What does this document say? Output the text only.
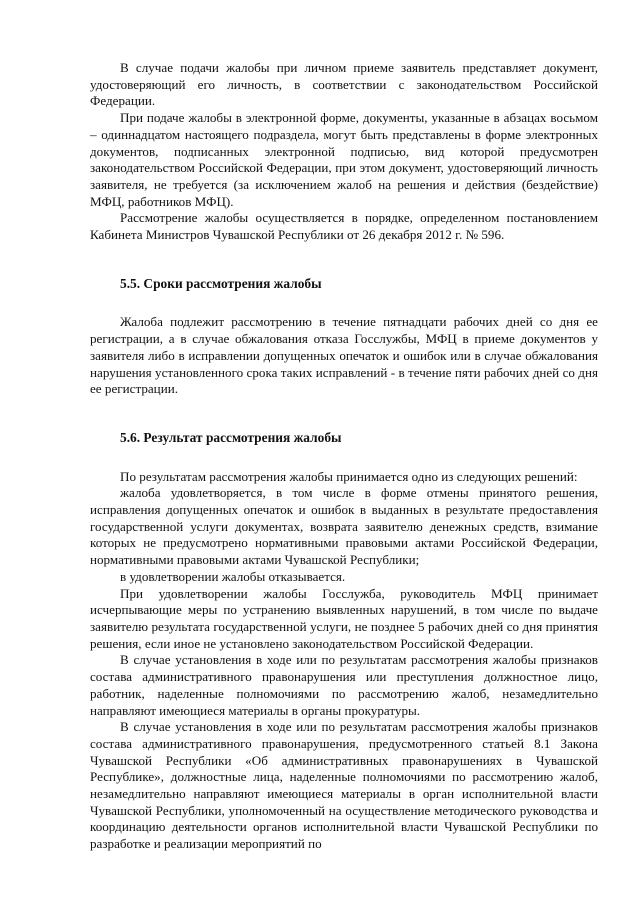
В случае подачи жалобы при личном приеме заявитель представляет документ, удостоверяющий его личность, в соответствии с законодательством Российской Федерации.

При подаче жалобы в электронной форме, документы, указанные в абзацах восьмом – одиннадцатом настоящего подраздела, могут быть представлены в форме электронных документов, подписанных электронной подписью, вид которой предусмотрен законодательством Российской Федерации, при этом документ, удостоверяющий личность заявителя, не требуется (за исключением жалоб на решения и действия (бездействие) МФЦ, работников МФЦ).

Рассмотрение жалобы осуществляется в порядке, определенном постановлением Кабинета Министров Чувашской Республики от 26 декабря 2012 г. № 596.

5.5. Сроки рассмотрения жалобы

Жалоба подлежит рассмотрению в течение пятнадцати рабочих дней со дня ее регистрации, а в случае обжалования отказа Госслужбы, МФЦ в приеме документов у заявителя либо в исправлении допущенных опечаток и ошибок или в случае обжалования нарушения установленного срока таких исправлений - в течение пяти рабочих дней со дня ее регистрации.

5.6. Результат рассмотрения жалобы

По результатам рассмотрения жалобы принимается одно из следующих решений:

жалоба удовлетворяется, в том числе в форме отмены принятого решения, исправления допущенных опечаток и ошибок в выданных в результате предоставления государственной услуги документах, возврата заявителю денежных средств, взимание которых не предусмотрено нормативными правовыми актами Российской Федерации, нормативными правовыми актами Чувашской Республики;

в удовлетворении жалобы отказывается.

При удовлетворении жалобы Госслужба, руководитель МФЦ принимает исчерпывающие меры по устранению выявленных нарушений, в том числе по выдаче заявителю результата государственной услуги, не позднее 5 рабочих дней со дня принятия решения, если иное не установлено законодательством Российской Федерации.

В случае установления в ходе или по результатам рассмотрения жалобы признаков состава административного правонарушения или преступления должностное лицо, работник, наделенные полномочиями по рассмотрению жалоб, незамедлительно направляют имеющиеся материалы в органы прокуратуры.

В случае установления в ходе или по результатам рассмотрения жалобы признаков состава административного правонарушения, предусмотренного статьей 8.1 Закона Чувашской Республики «Об административных правонарушениях в Чувашской Республике», должностные лица, наделенные полномочиями по рассмотрению жалоб, незамедлительно направляют имеющиеся материалы в орган исполнительной власти Чувашской Республики, уполномоченный на осуществление методического руководства и координацию деятельности органов исполнительной власти Чувашской Республики по разработке и реализации мероприятий по
